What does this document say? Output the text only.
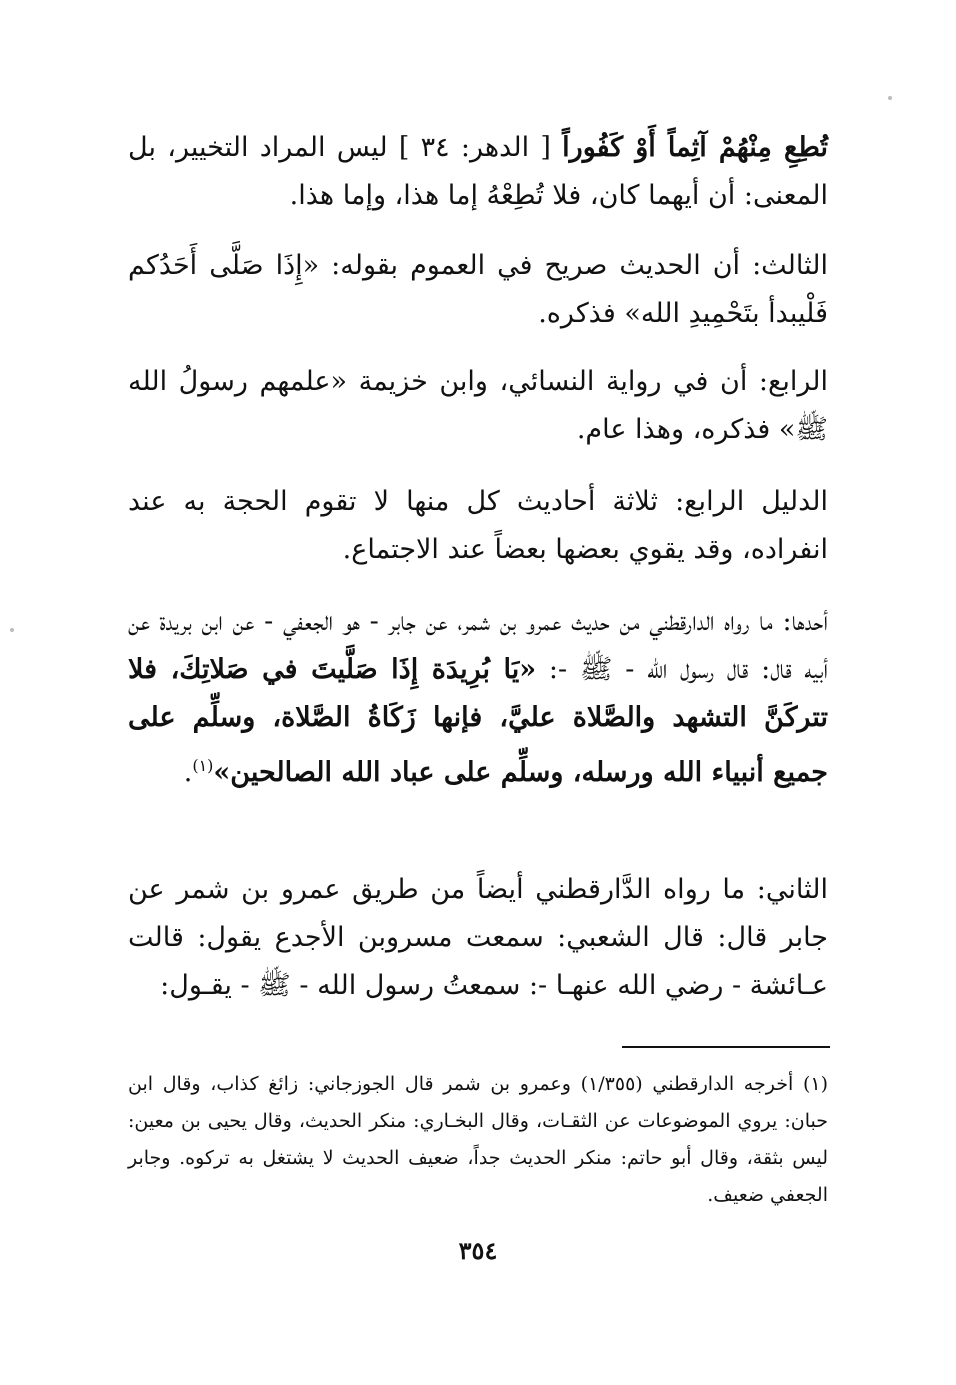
تُطِعِ مِنْهُمْ آثِماً أَوْ كَفُوراً [ الدهر: ٣٤ ] ليس المراد التخيير، بل المعنى: أن أيهما كان، فلا تُطِعْهُ إما هذا، وإما هذا.

الثالث: أن الحديث صريح في العموم بقوله: «إِذَا صَلَّى أَحَدُكم فَلْيبدأ بتَحْمِيدِ الله» فذكره.

الرابع: أن في رواية النسائي، وابن خزيمة «علمهم رسولُ الله ﷺ» فذكره، وهذا عام.

الدليل الرابع: ثلاثة أحاديث كل منها لا تقوم الحجة به عند انفراده، وقد يقوي بعضها بعضاً عند الاجتماع.

أحدها: ما رواه الدارقطني من حديث عمرو بن شمر، عن جابر - هو الجعفي - عن ابن بريدة عن أبيه قال: قال رسول الله - ﷺ -: «يَا بُرِيدَة إِذَا صَلَّيتَ في صَلاتِكَ، فلا تتركَنَّ التشهد والصَّلاة عليَّ، فإنها زَكَاةُ الصَّلاة، وسلِّم على جميع أنبياء الله ورسله، وسلِّم على عباد الله الصالحين»$^{(١)}$.

الثاني: ما رواه الدَّارقطني أيضاً من طريق عمرو بن شمر عن جابر قال: قال الشعبي: سمعت مسروبن الأجدع يقول: قالت عـائشة - رضي الله عنهـا -: سمعتُ رسول الله - ﷺ - يقـول:

(١) أخرجه الدارقطني (١/٣٥٥) وعمرو بن شمر قال الجوزجاني: زائغ كذاب، وقال ابن حبان: يروي الموضوعات عن الثقـات، وقال البخـاري: منكر الحديث، وقال يحيى بن معين: ليس بثقة، وقال أبو حاتم: منكر الحديث جداً، ضعيف الحديث لا يشتغل به تركوه. وجابر الجعفي ضعيف.

٣٥٤
